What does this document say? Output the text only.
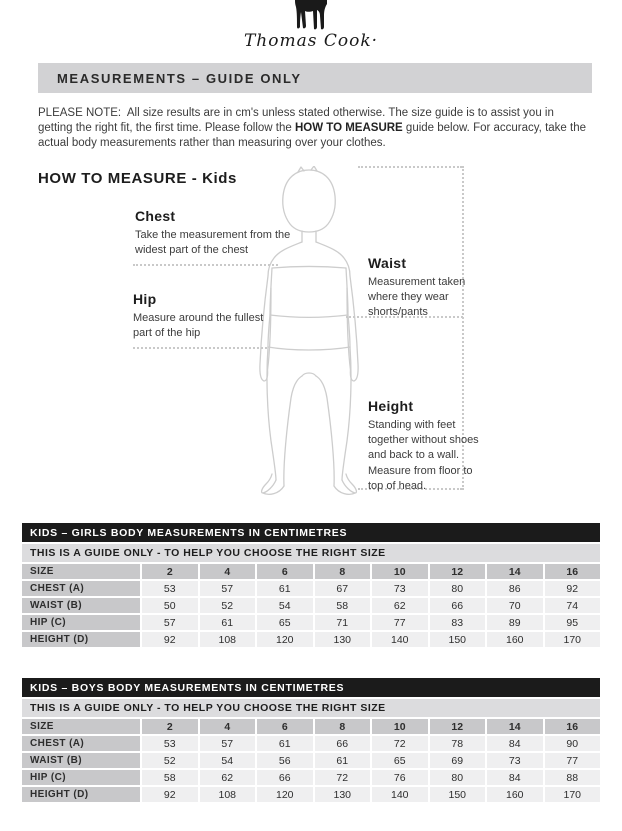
Thomas Cook·
MEASUREMENTS – GUIDE ONLY

PLEASE NOTE:  All size results are in cm's unless stated otherwise. The size guide is to assist you in getting the right fit, the first time. Please follow the HOW TO MEASURE guide below. For accuracy, take the actual body measurements rather than measuring over your clothes.

HOW TO MEASURE - Kids
Chest

Take the measurement from the widest part of the chest

Hip

Measure around the fullest part of the hip

Waist

Measurement taken where they wear shorts/pants

Height

Standing with feet together without shoes and back to a wall. Measure from floor to top of head.

KIDS – GIRLS BODY MEASUREMENTS IN CENTIMETRES
THIS IS A GUIDE ONLY - TO HELP YOU CHOOSE THE RIGHT SIZE
SIZE	2	4	6	8	10	12	14	16
CHEST (A)	53	57	61	67	73	80	86	92
WAIST (B)	50	52	54	58	62	66	70	74
HIP (C)	57	61	65	71	77	83	89	95
HEIGHT (D)	92	108	120	130	140	150	160	170
KIDS – BOYS BODY MEASUREMENTS IN CENTIMETRES
THIS IS A GUIDE ONLY - TO HELP YOU CHOOSE THE RIGHT SIZE
SIZE	2	4	6	8	10	12	14	16
CHEST (A)	53	57	61	66	72	78	84	90
WAIST (B)	52	54	56	61	65	69	73	77
HIP (C)	58	62	66	72	76	80	84	88
HEIGHT (D)	92	108	120	130	140	150	160	170
